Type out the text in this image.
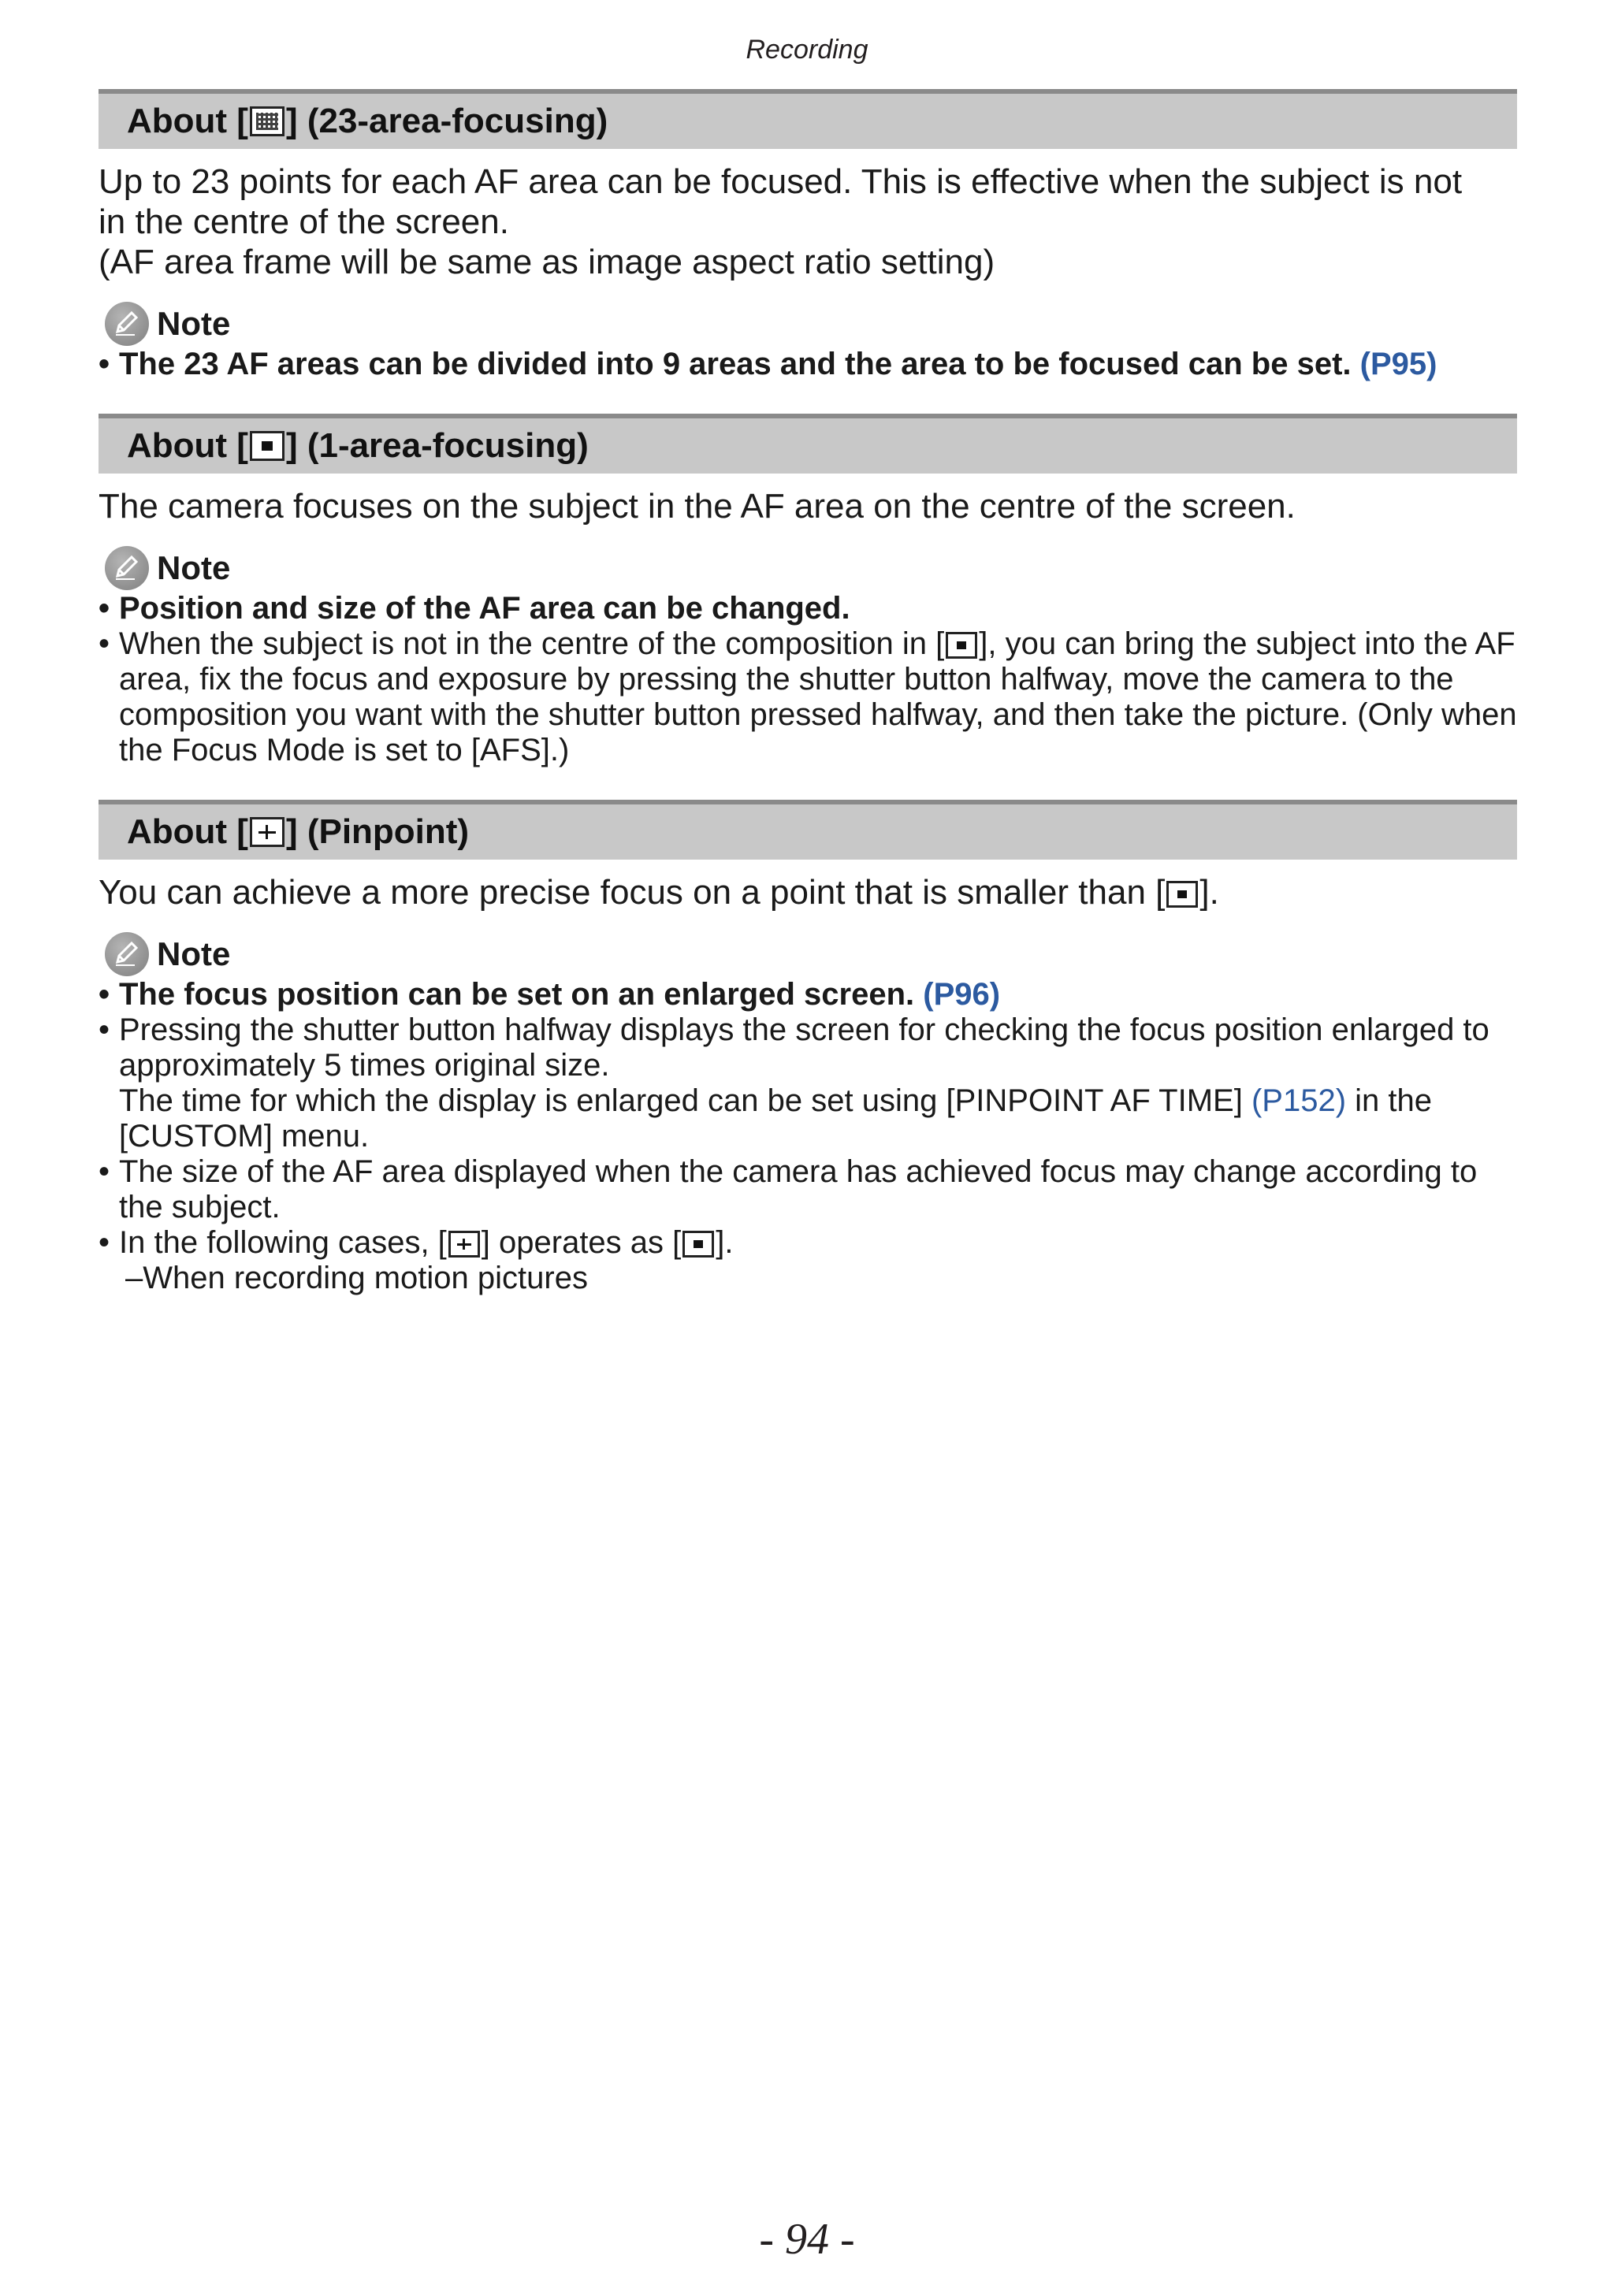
Recording
About [ ] (23-area-focusing)
Up to 23 points for each AF area can be focused. This is effective when the subject is not
in the centre of the screen.
(AF area frame will be same as image aspect ratio setting)
Note
• The 23 AF areas can be divided into 9 areas and the area to be focused can be set. (P95)
About [ ] (1-area-focusing)
The camera focuses on the subject in the AF area on the centre of the screen.
Note
• Position and size of the AF area can be changed.
• When the subject is not in the centre of the composition in [ ], you can bring the subject into the AF area, fix the focus and exposure by pressing the shutter button halfway, move the camera to the composition you want with the shutter button pressed halfway, and then take the picture. (Only when the Focus Mode is set to [AFS].)
About [ ] (Pinpoint)
You can achieve a more precise focus on a point that is smaller than [ ].
Note
• The focus position can be set on an enlarged screen. (P96)
• Pressing the shutter button halfway displays the screen for checking the focus position enlarged to approximately 5 times original size.
The time for which the display is enlarged can be set using [PINPOINT AF TIME] (P152) in the [CUSTOM] menu.
• The size of the AF area displayed when the camera has achieved focus may change according to the subject.
• In the following cases, [ ] operates as [ ].
–When recording motion pictures
- 94 -
